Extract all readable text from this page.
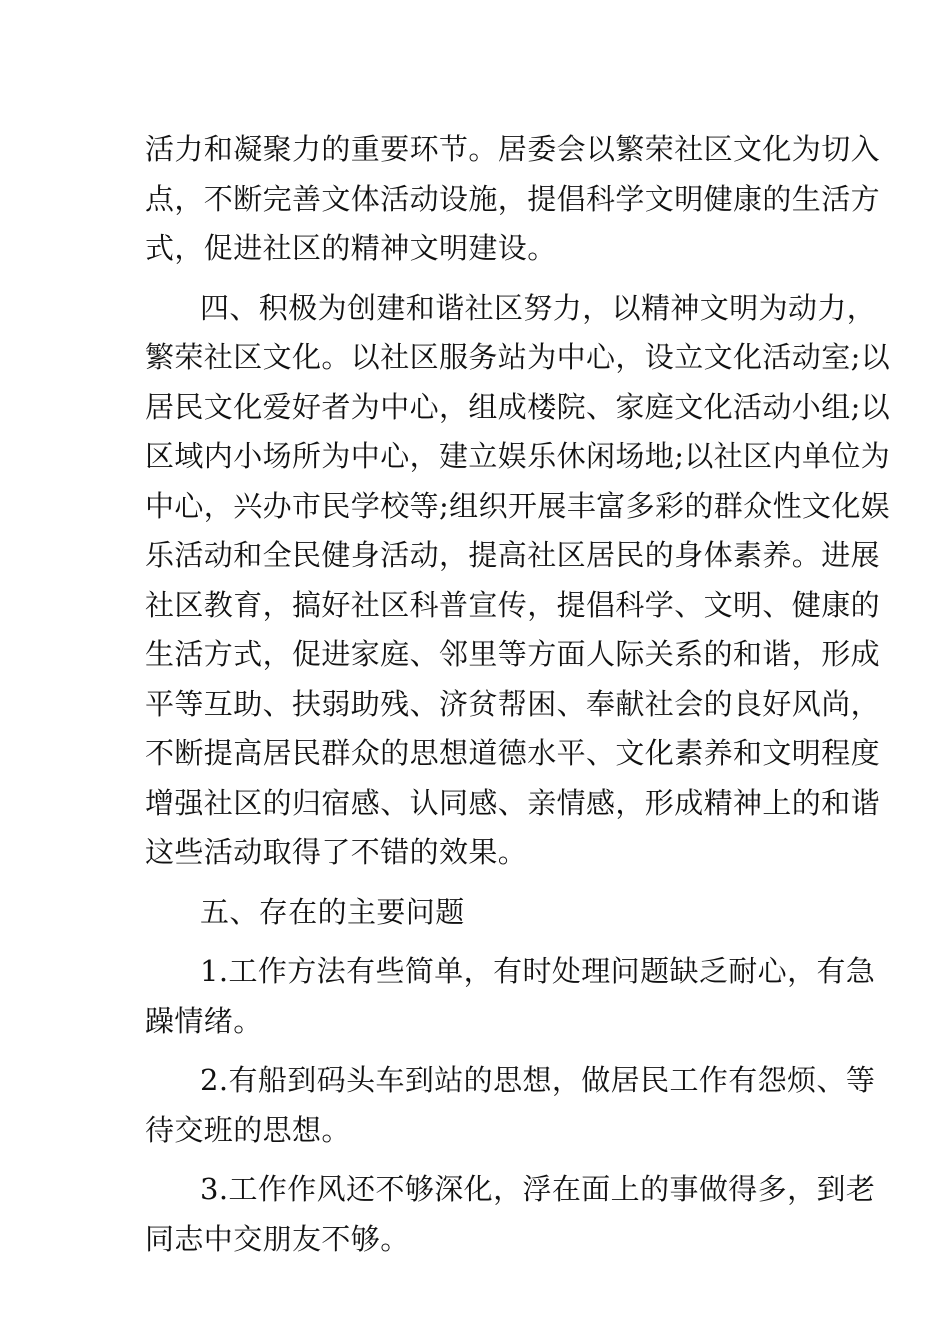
活力和凝聚力的重要环节。居委会以繁荣社区文化为切入
点，不断完善文体活动设施，提倡科学文明健康的生活方
式，促进社区的精神文明建设。
四、积极为创建和谐社区努力，以精神文明为动力，
繁荣社区文化。以社区服务站为中心，设立文化活动室;以
居民文化爱好者为中心，组成楼院、家庭文化活动小组;以
区域内小场所为中心，建立娱乐休闲场地;以社区内单位为
中心，兴办市民学校等;组织开展丰富多彩的群众性文化娱
乐活动和全民健身活动，提高社区居民的身体素养。进展
社区教育，搞好社区科普宣传，提倡科学、文明、健康的
生活方式，促进家庭、邻里等方面人际关系的和谐，形成
平等互助、扶弱助残、济贫帮困、奉献社会的良好风尚，
不断提高居民群众的思想道德水平、文化素养和文明程度
增强社区的归宿感、认同感、亲情感，形成精神上的和谐
这些活动取得了不错的效果。
五、存在的主要问题
1.工作方法有些简单，有时处理问题缺乏耐心，有急
躁情绪。
2.有船到码头车到站的思想，做居民工作有怨烦、等
待交班的思想。
3.工作作风还不够深化，浮在面上的事做得多，到老
同志中交朋友不够。
